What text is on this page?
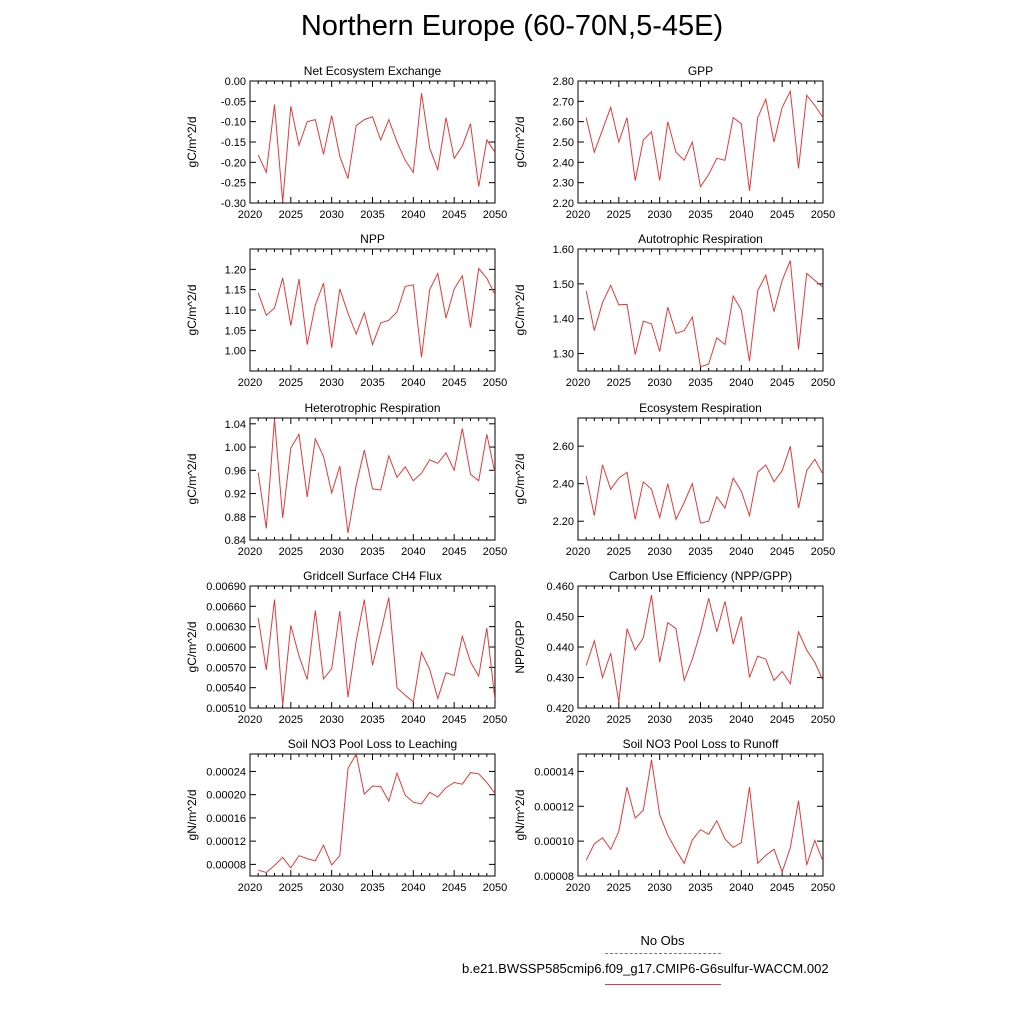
Northern Europe (60-70N,5-45E)
Net Ecosystem Exchange
gC/m^2/d
2020 2025 2030 2035 2040 2045 2050
-0.30
-0.25
-0.20
-0.15
-0.10
-0.05
0.00
GPP
gC/m^2/d
2020 2025 2030 2035 2040 2045 2050
2.20
2.30
2.40
2.50
2.60
2.70
2.80
NPP
gC/m^2/d
2020 2025 2030 2035 2040 2045 2050
1.00
1.05
1.10
1.15
1.20
Autotrophic Respiration
gC/m^2/d
2020 2025 2030 2035 2040 2045 2050
1.30
1.40
1.50
1.60
Heterotrophic Respiration
gC/m^2/d
2020 2025 2030 2035 2040 2045 2050
0.84
0.88
0.92
0.96
1.00
1.04
Ecosystem Respiration
gC/m^2/d
2020 2025 2030 2035 2040 2045 2050
2.20
2.40
2.60
Gridcell Surface CH4 Flux
gC/m^2/d
2020 2025 2030 2035 2040 2045 2050
0.00510
0.00540
0.00570
0.00600
0.00630
0.00660
0.00690
Carbon Use Efficiency (NPP/GPP)
NPP/GPP
2020 2025 2030 2035 2040 2045 2050
0.420
0.430
0.440
0.450
0.460
Soil NO3 Pool Loss to Leaching
gN/m^2/d
2020 2025 2030 2035 2040 2045 2050
0.00008
0.00012
0.00016
0.00020
0.00024
Soil NO3 Pool Loss to Runoff
gN/m^2/d
2020 2025 2030 2035 2040 2045 2050
0.00008
0.00010
0.00012
0.00014
No Obs
b.e21.BWSSP585cmip6.f09_g17.CMIP6-G6sulfur-WACCM.002
